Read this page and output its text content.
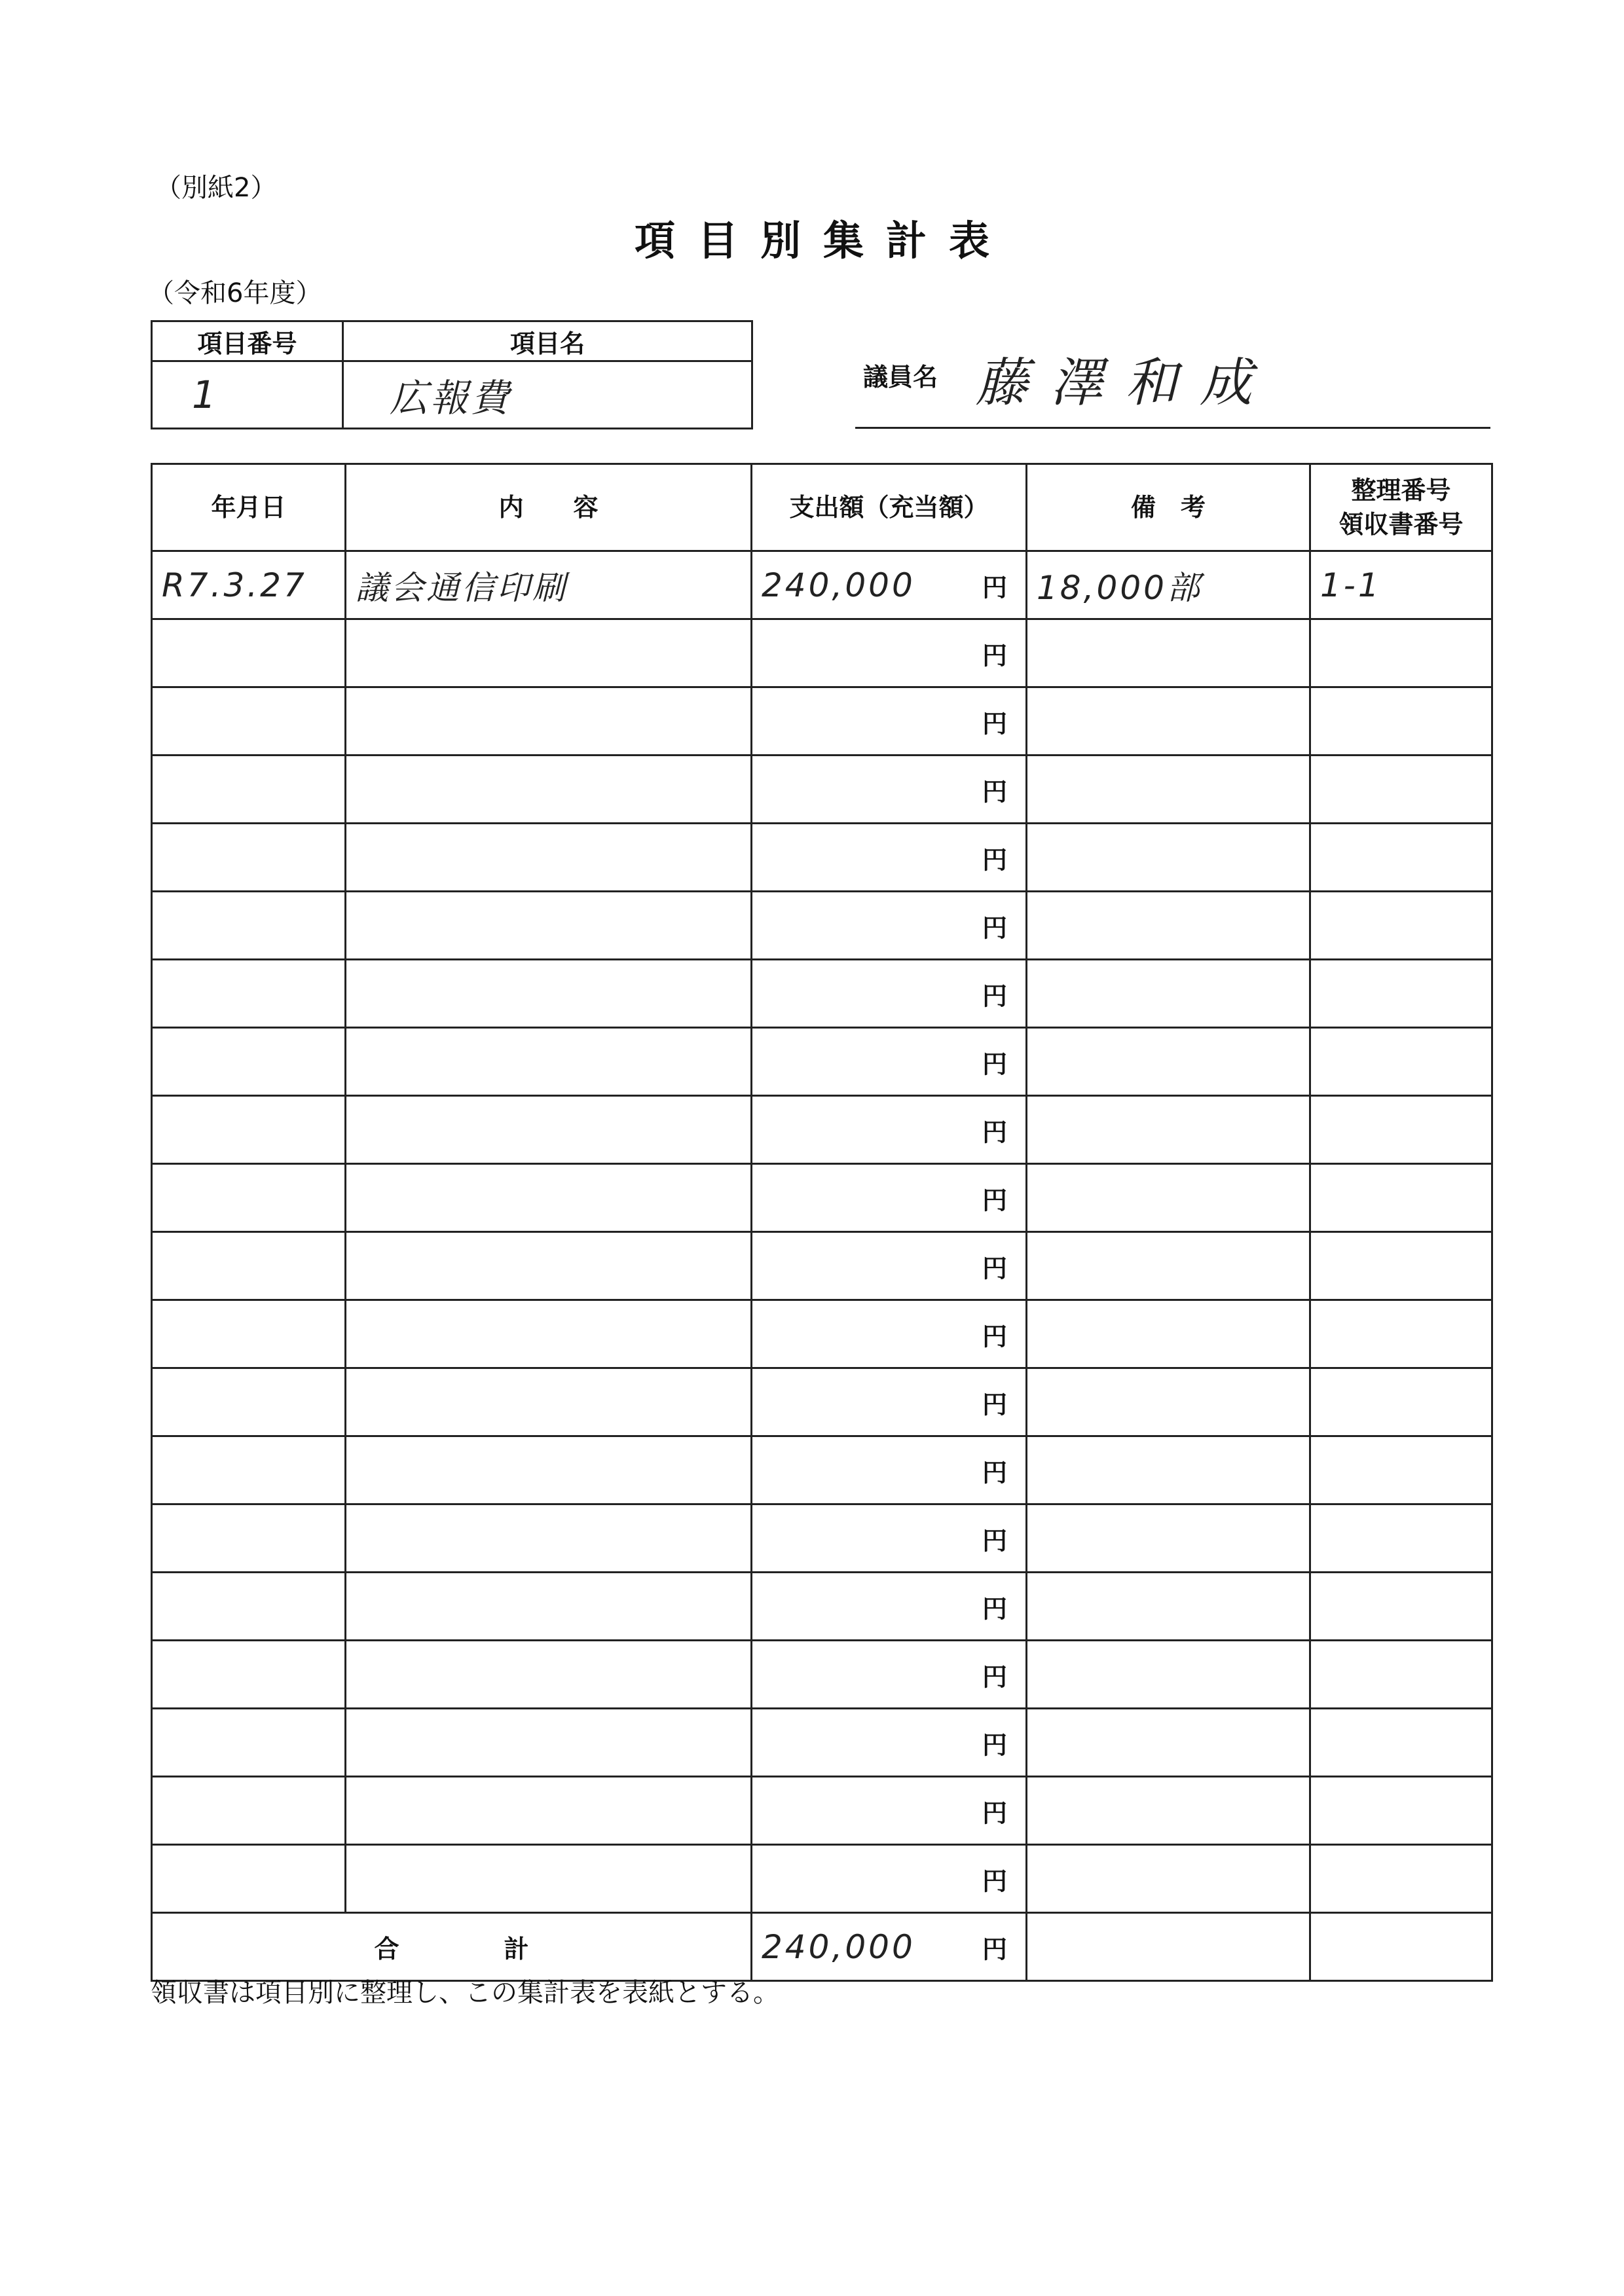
（別紙2）
項目別集計表
（令和6年度）
項目番号	項目名
1	広報費	議員名 藤澤和成
年月日	内　　容	支出額（充当額）	備　考	整理番号
領収書番号

R7.3.27	議会通信印刷	240,000 円	18,000部	1-1

		円		

		円		

		円		

		円		

		円		

		円		

		円		

		円		

		円		

		円		

		円		

		円		

		円		

		円		

		円		

		円		

		円		

		円		

		円		

合計		240,000 円		

領収書は項目別に整理し、この集計表を表紙とする。
